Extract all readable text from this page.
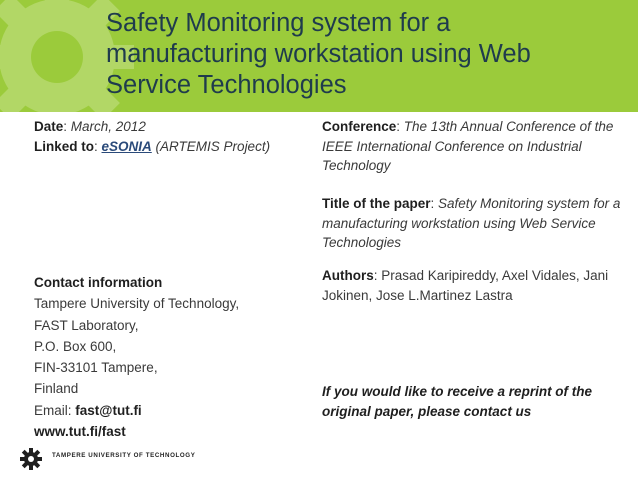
Safety Monitoring system for a
manufacturing workstation using Web
Service Technologies

Date: March, 2012

Linked to: eSONIA (ARTEMIS Project)

Contact information

Tampere University of Technology,

FAST Laboratory,

P.O. Box 600,

FIN-33101 Tampere,

Finland

Email: fast@tut.fi

www.tut.fi/fast

Conference: The 13th Annual Conference of the IEEE International Conference on Industrial Technology
Title of the paper: Safety Monitoring system for a manufacturing workstation using Web Service Technologies
Authors: Prasad Karipireddy, Axel Vidales, Jani Jokinen, Jose L.Martinez Lastra
If you would like to receive a reprint of the original paper, please contact us
TAMPERE UNIVERSITY OF TECHNOLOGY
